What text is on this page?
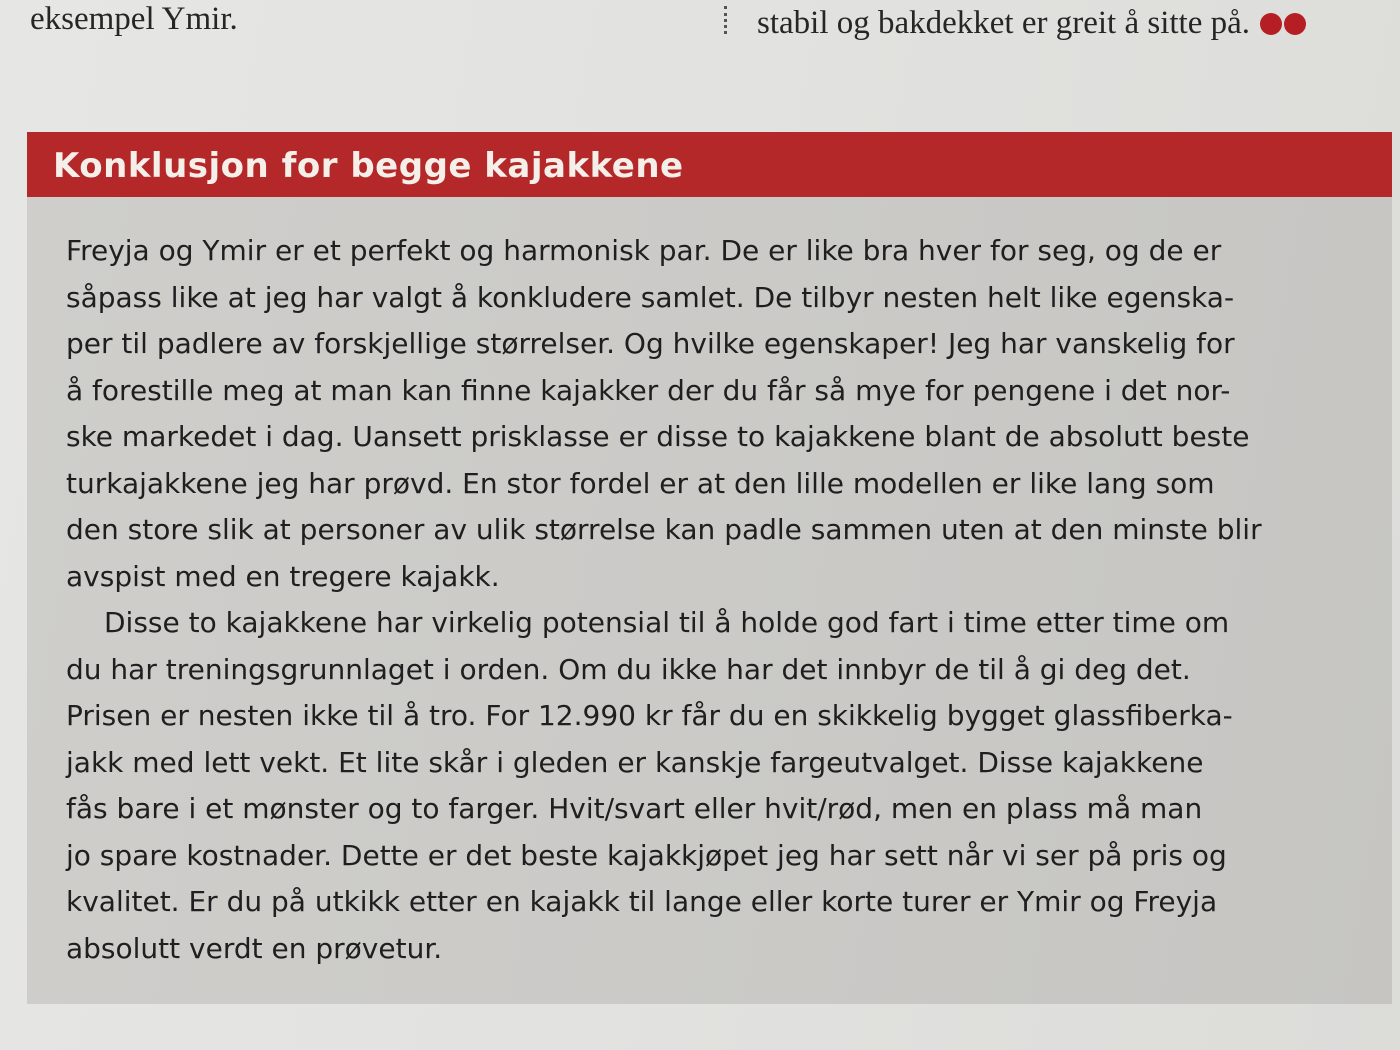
eksempel Ymir.	stabil og bakdekket er greit å sitte på.
Konklusjon for begge kajakkene
Freyja og Ymir er et perfekt og harmonisk par. De er like bra hver for seg, og de er
såpass like at jeg har valgt å konkludere samlet. De tilbyr nesten helt like egenska-
per til padlere av forskjellige størrelser. Og hvilke egenskaper! Jeg har vanskelig for
å forestille meg at man kan finne kajakker der du får så mye for pengene i det nor-
ske markedet i dag. Uansett prisklasse er disse to kajakkene blant de absolutt beste
turkajakkene jeg har prøvd. En stor fordel er at den lille modellen er like lang som
den store slik at personer av ulik størrelse kan padle sammen uten at den minste blir
avspist med en tregere kajakk.
Disse to kajakkene har virkelig potensial til å holde god fart i time etter time om
du har treningsgrunnlaget i orden. Om du ikke har det innbyr de til å gi deg det.
Prisen er nesten ikke til å tro. For 12.990 kr får du en skikkelig bygget glassfiberka-
jakk med lett vekt. Et lite skår i gleden er kanskje fargeutvalget. Disse kajakkene
fås bare i et mønster og to farger. Hvit/svart eller hvit/rød, men en plass må man
jo spare kostnader. Dette er det beste kajakkjøpet jeg har sett når vi ser på pris og
kvalitet. Er du på utkikk etter en kajakk til lange eller korte turer er Ymir og Freyja
absolutt verdt en prøvetur.
